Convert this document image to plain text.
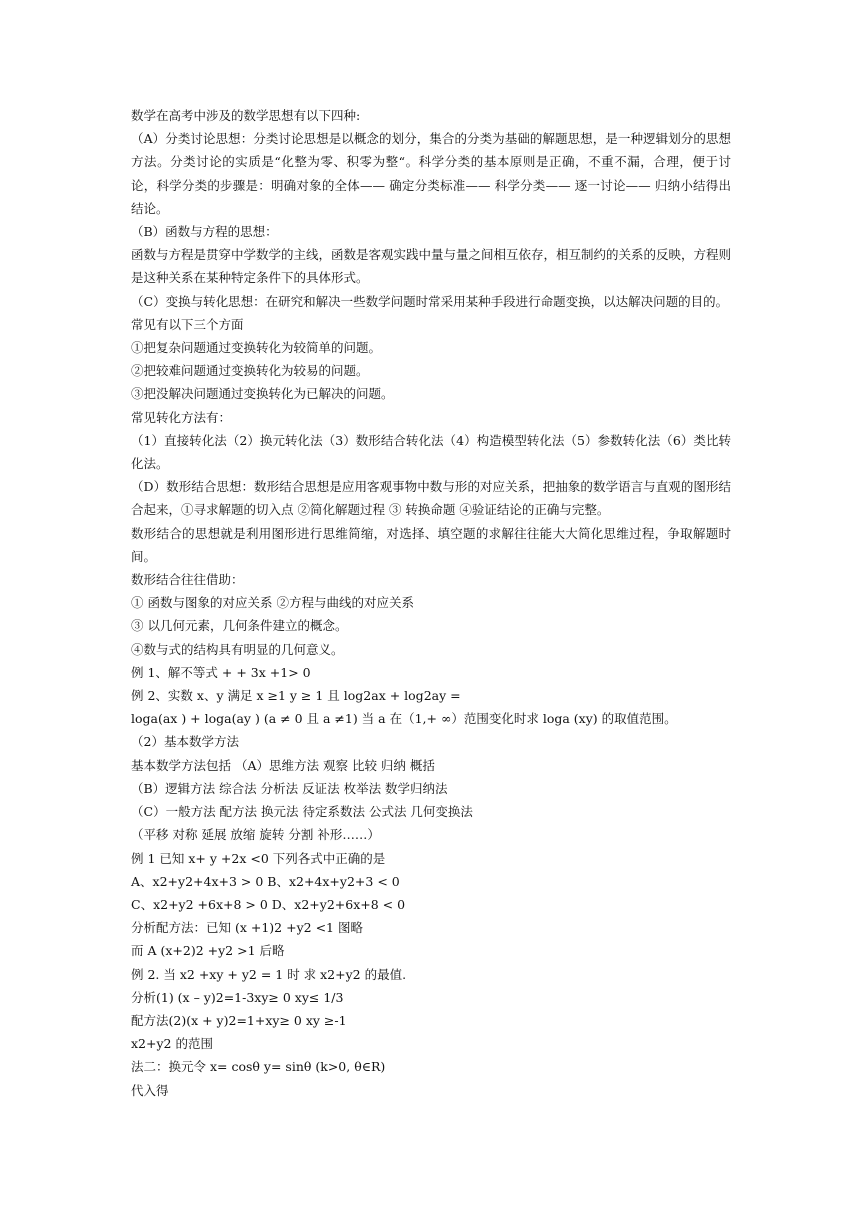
数学在高考中涉及的数学思想有以下四种:

（A）分类讨论思想：分类讨论思想是以概念的划分，集合的分类为基础的解题思想，是一种逻辑划分的思想方法。分类讨论的实质是“化整为零、积零为整“。科学分类的基本原则是正确，不重不漏，合理，便于讨论，科学分类的步骤是：明确对象的全体—— 确定分类标准—— 科学分类—— 逐一讨论—— 归纳小结得出结论。

（B）函数与方程的思想：

函数与方程是贯穿中学数学的主线，函数是客观实践中量与量之间相互依存，相互制约的关系的反映，方程则是这种关系在某种特定条件下的具体形式。

（C）变换与转化思想：在研究和解决一些数学问题时常采用某种手段进行命题变换，以达解决问题的目的。

常见有以下三个方面

①把复杂问题通过变换转化为较简单的问题。

②把较难问题通过变换转化为较易的问题。

③把没解决问题通过变换转化为已解决的问题。

常见转化方法有：

（1）直接转化法（2）换元转化法（3）数形结合转化法（4）构造模型转化法（5）参数转化法（6）类比转化法。

（D）数形结合思想：数形结合思想是应用客观事物中数与形的对应关系，把抽象的数学语言与直观的图形结合起来，①寻求解题的切入点 ②简化解题过程 ③ 转换命题 ④验证结论的正确与完整。

数形结合的思想就是利用图形进行思维简缩，对选择、填空题的求解往往能大大简化思维过程，争取解题时间。

数形结合往往借助：

① 函数与图象的对应关系 ②方程与曲线的对应关系

③ 以几何元素，几何条件建立的概念。

④数与式的结构具有明显的几何意义。

例 1、解不等式 + + 3x +1> 0

例 2、实数 x、y 满足 x ≥1 y ≥ 1 且 log2ax + log2ay =

loga(ax ) + loga(ay ) (a ≠ 0 且 a ≠1) 当 a 在（1,+ ∞）范围变化时求 loga (xy) 的取值范围。

（2）基本数学方法

基本数学方法包括 （A）思维方法 观察 比较 归纳 概括

（B）逻辑方法 综合法 分析法 反证法 枚举法 数学归纳法

（C）一般方法 配方法 换元法 待定系数法 公式法 几何变换法

（平移 对称 延展 放缩 旋转 分割 补形……）

例 1 已知 x+ y +2x <0 下列各式中正确的是

A、x2+y2+4x+3 > 0 B、x2+4x+y2+3 < 0

C、x2+y2 +6x+8 > 0 D、x2+y2+6x+8 < 0

分析配方法：已知 (x +1)2 +y2 <1 图略

而 A (x+2)2 +y2 >1 后略

例 2. 当 x2 +xy + y2 = 1 时 求 x2+y2 的最值.

分析(1) (x – y)2=1-3xy≥ 0 xy≤ 1/3

配方法(2)(x + y)2=1+xy≥ 0 xy ≥-1

x2+y2 的范围

法二：换元令 x= cosθ y= sinθ (k>0, θ∈R)

代入得
